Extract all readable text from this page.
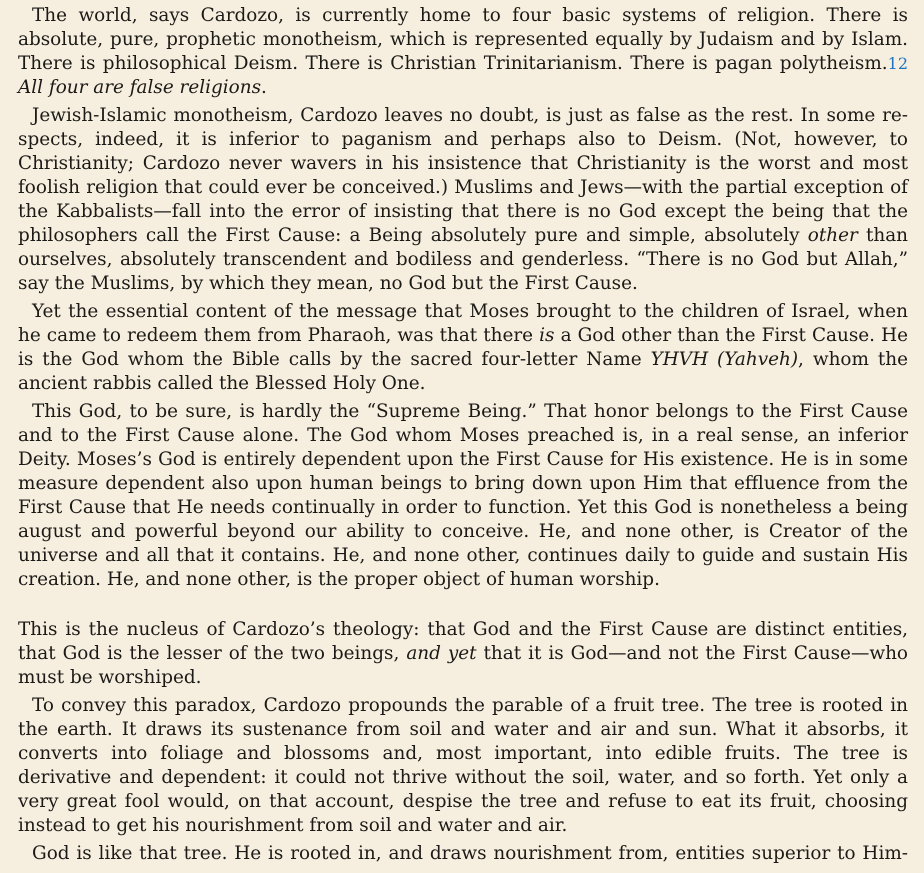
The world, says Cardozo, is currently home to four basic systems of religion. There is absolute, pure, prophetic monotheism, which is represented equally by Judaism and by Islam. There is philosophical Deism. There is Christian Trinitarianism. There is pagan polytheism.12 All four are false religions.

Jewish-Islamic monotheism, Cardozo leaves no doubt, is just as false as the rest. In some respects, indeed, it is inferior to paganism and perhaps also to Deism. (Not, however, to Christianity; Cardozo never wavers in his insistence that Christianity is the worst and most foolish religion that could ever be conceived.) Muslims and Jews—with the partial exception of the Kabbalists—fall into the error of insisting that there is no God except the being that the philosophers call the First Cause: a Being absolutely pure and simple, absolutely other than ourselves, absolutely transcendent and bodiless and genderless. “There is no God but Allah,” say the Muslims, by which they mean, no God but the First Cause.

Yet the essential content of the message that Moses brought to the children of Israel, when he came to redeem them from Pharaoh, was that there is a God other than the First Cause. He is the God whom the Bible calls by the sacred four-letter Name YHVH (Yahveh), whom the ancient rabbis called the Blessed Holy One.

This God, to be sure, is hardly the “Supreme Being.” That honor belongs to the First Cause and to the First Cause alone. The God whom Moses preached is, in a real sense, an inferior Deity. Moses’s God is entirely dependent upon the First Cause for His existence. He is in some measure dependent also upon human beings to bring down upon Him that effluence from the First Cause that He needs continually in order to function. Yet this God is nonetheless a being august and powerful beyond our ability to conceive. He, and none other, is Creator of the universe and all that it contains. He, and none other, continues daily to guide and sustain His creation. He, and none other, is the proper object of human worship.

This is the nucleus of Cardozo’s theology: that God and the First Cause are distinct entities, that God is the lesser of the two beings, and yet that it is God—and not the First Cause—who must be worshiped.

To convey this paradox, Cardozo propounds the parable of a fruit tree. The tree is rooted in the earth. It draws its sustenance from soil and water and air and sun. What it absorbs, it converts into foliage and blossoms and, most important, into edible fruits. The tree is derivative and dependent: it could not thrive without the soil, water, and so forth. Yet only a very great fool would, on that account, despise the tree and refuse to eat its fruit, choosing instead to get his nourishment from soil and water and air.

God is like that tree. He is rooted in, and draws nourishment from, entities superior to Him-
